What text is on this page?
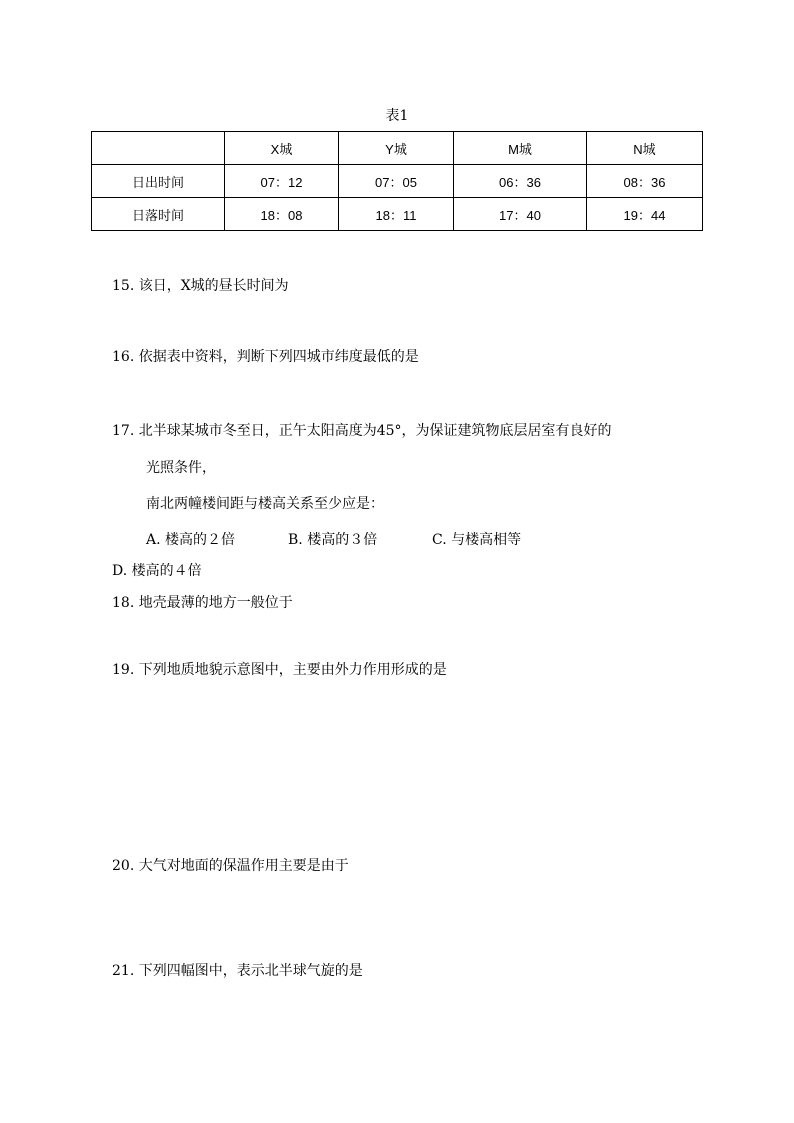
表1
	X城	Y城	M城	N城
日出时间	07：12	07：05	06：36	08：36
日落时间	18：08	18：11	17：40	19：44
15. 该日，X城的昼长时间为
16. 依据表中资料，判断下列四城市纬度最低的是
17. 北半球某城市冬至日，正午太阳高度为45°，为保证建筑物底层居室有良好的
光照条件，
南北两幢楼间距与楼高关系至少应是：
A. 楼高的２倍	B. 楼高的３倍	C. 与楼高相等
D. 楼高的４倍
18. 地壳最薄的地方一般位于
19. 下列地质地貌示意图中，主要由外力作用形成的是
20. 大气对地面的保温作用主要是由于
21. 下列四幅图中，表示北半球气旋的是
